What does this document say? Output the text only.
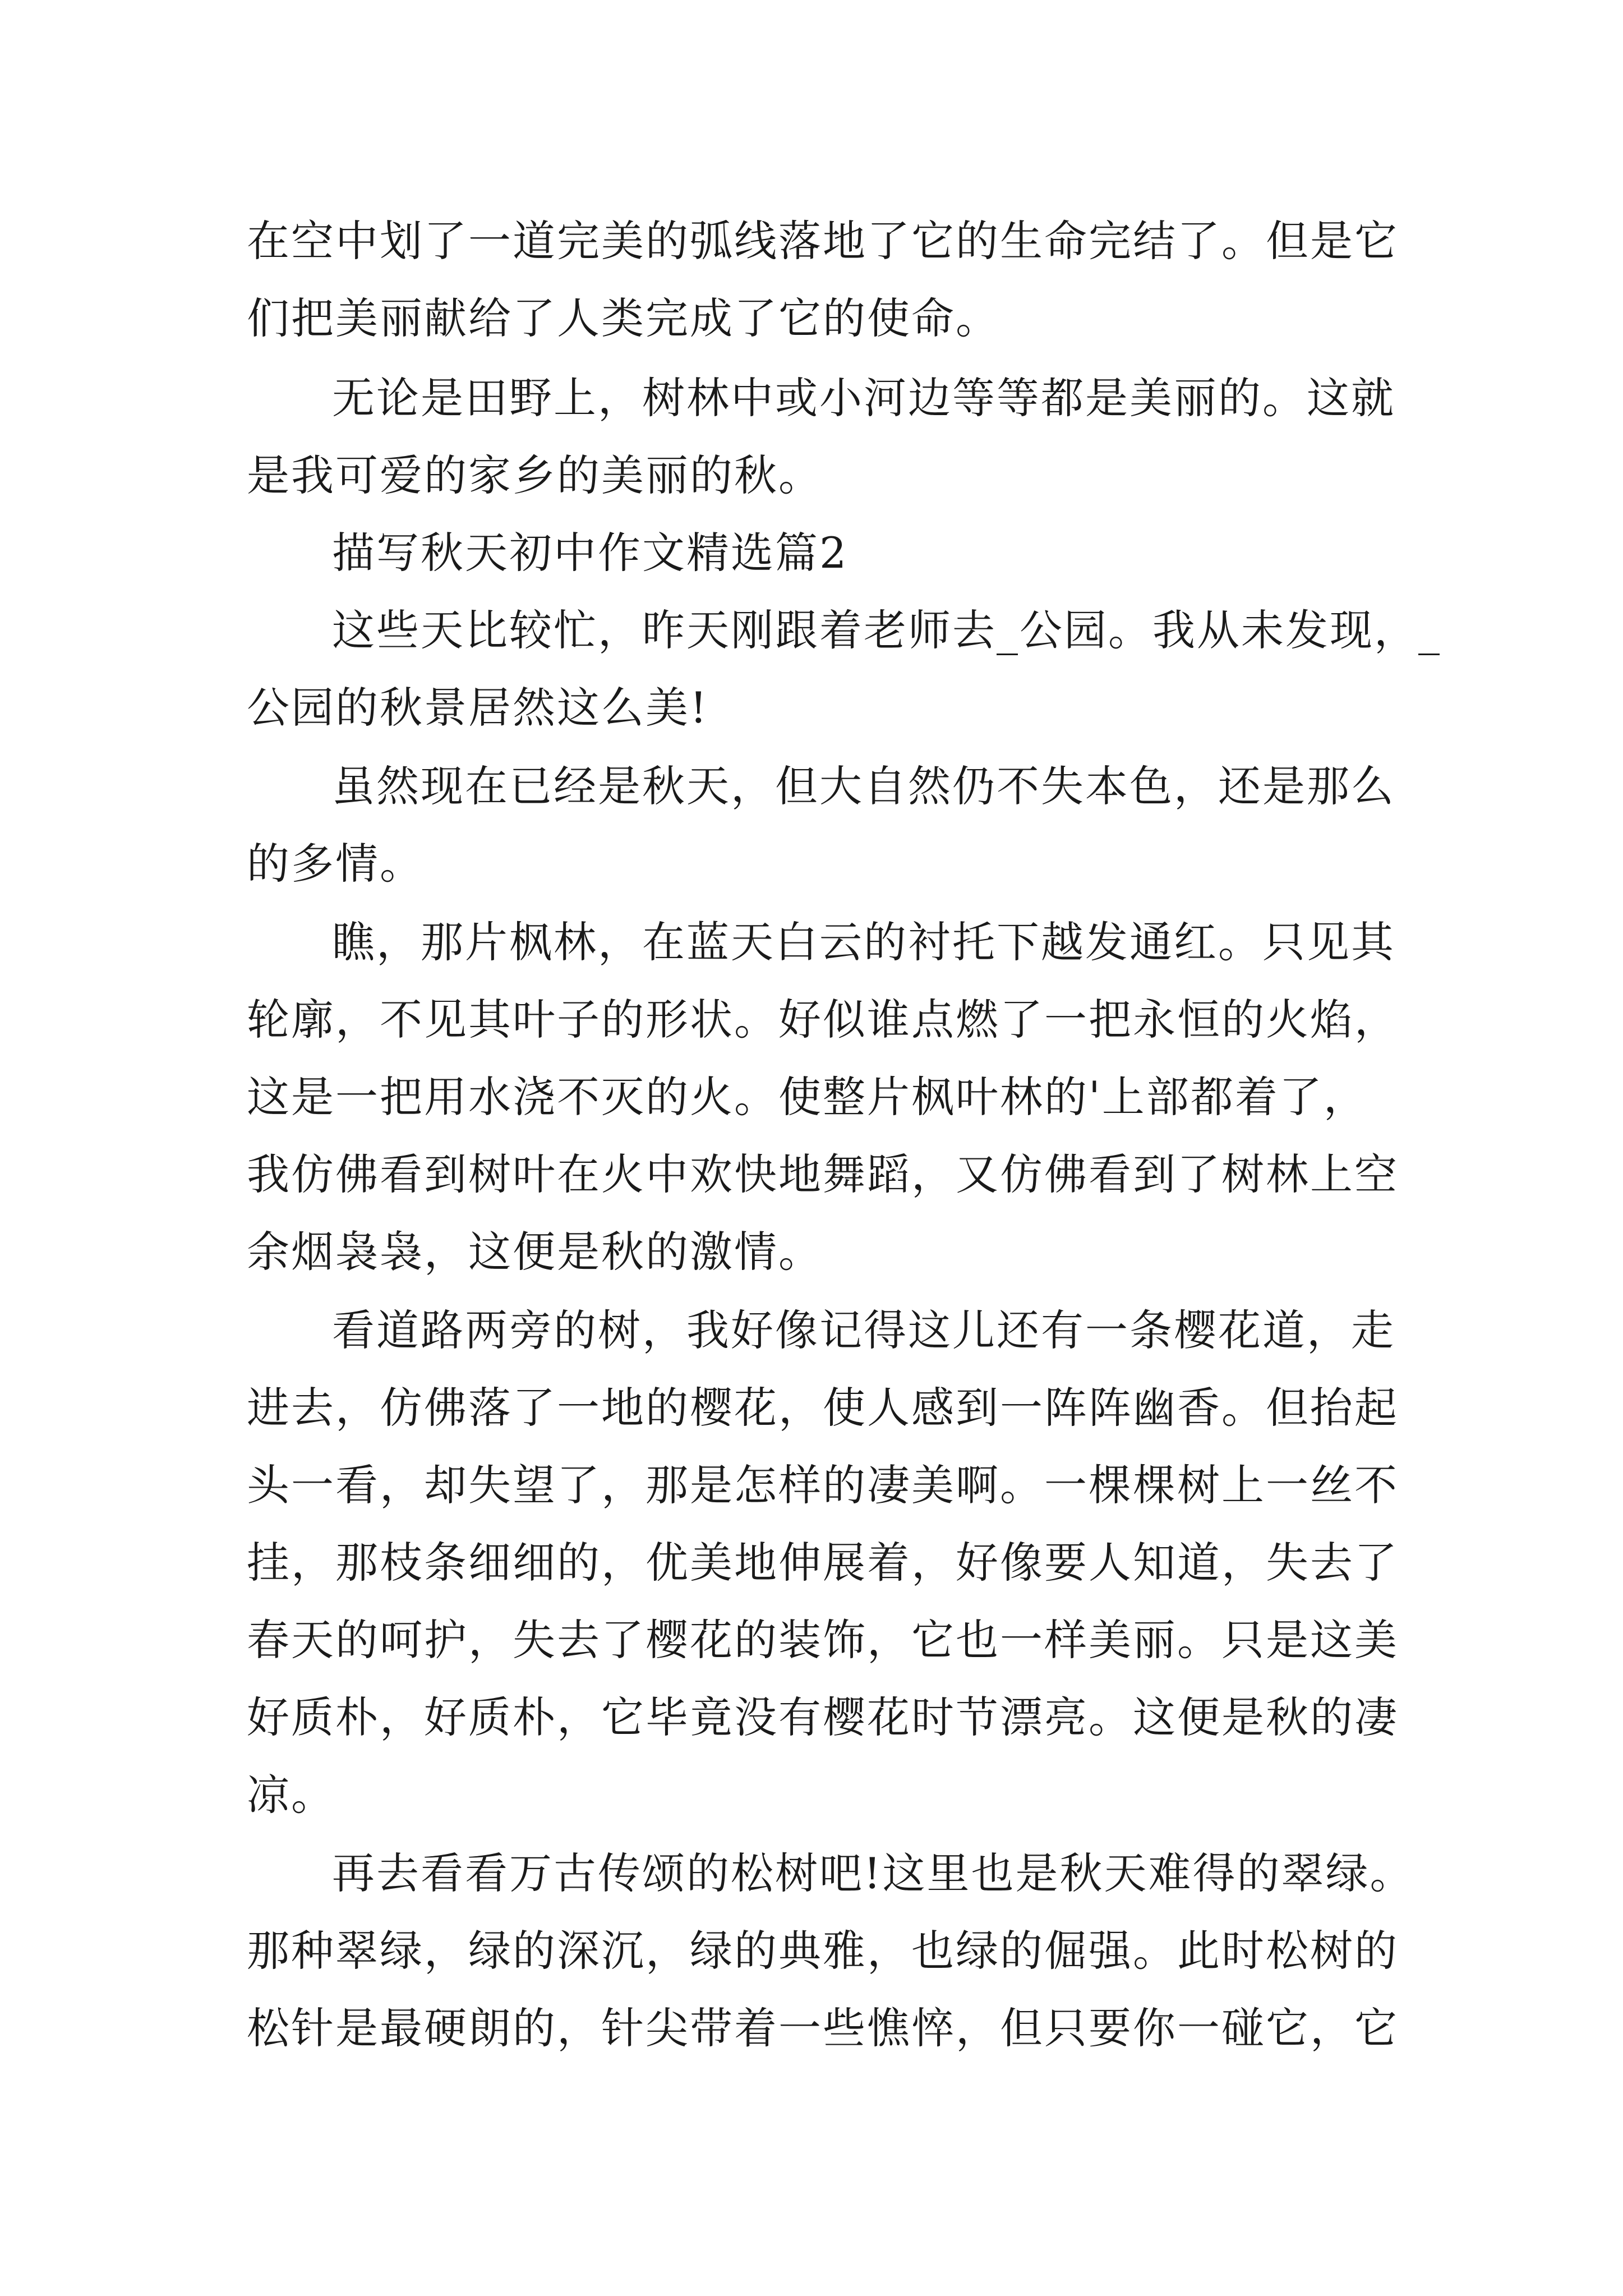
在空中划了一道完美的弧线落地了它的生命完结了。但是它
们把美丽献给了人类完成了它的使命。
无论是田野上，树林中或小河边等等都是美丽的。这就
是我可爱的家乡的美丽的秋。
描写秋天初中作文精选篇2
这些天比较忙，昨天刚跟着老师去_公园。我从未发现，_
公园的秋景居然这么美!
虽然现在已经是秋天，但大自然仍不失本色，还是那么
的多情。
瞧，那片枫林，在蓝天白云的衬托下越发通红。只见其
轮廓，不见其叶子的形状。好似谁点燃了一把永恒的火焰，
这是一把用水浇不灭的火。使整片枫叶林的'上部都着了，
我仿佛看到树叶在火中欢快地舞蹈，又仿佛看到了树林上空
余烟袅袅，这便是秋的激情。
看道路两旁的树，我好像记得这儿还有一条樱花道，走
进去，仿佛落了一地的樱花，使人感到一阵阵幽香。但抬起
头一看，却失望了，那是怎样的凄美啊。一棵棵树上一丝不
挂，那枝条细细的，优美地伸展着，好像要人知道，失去了
春天的呵护，失去了樱花的装饰，它也一样美丽。只是这美
好质朴，好质朴，它毕竟没有樱花时节漂亮。这便是秋的凄
凉。
再去看看万古传颂的松树吧!这里也是秋天难得的翠绿。
那种翠绿，绿的深沉，绿的典雅，也绿的倔强。此时松树的
松针是最硬朗的，针尖带着一些憔悴，但只要你一碰它，它
